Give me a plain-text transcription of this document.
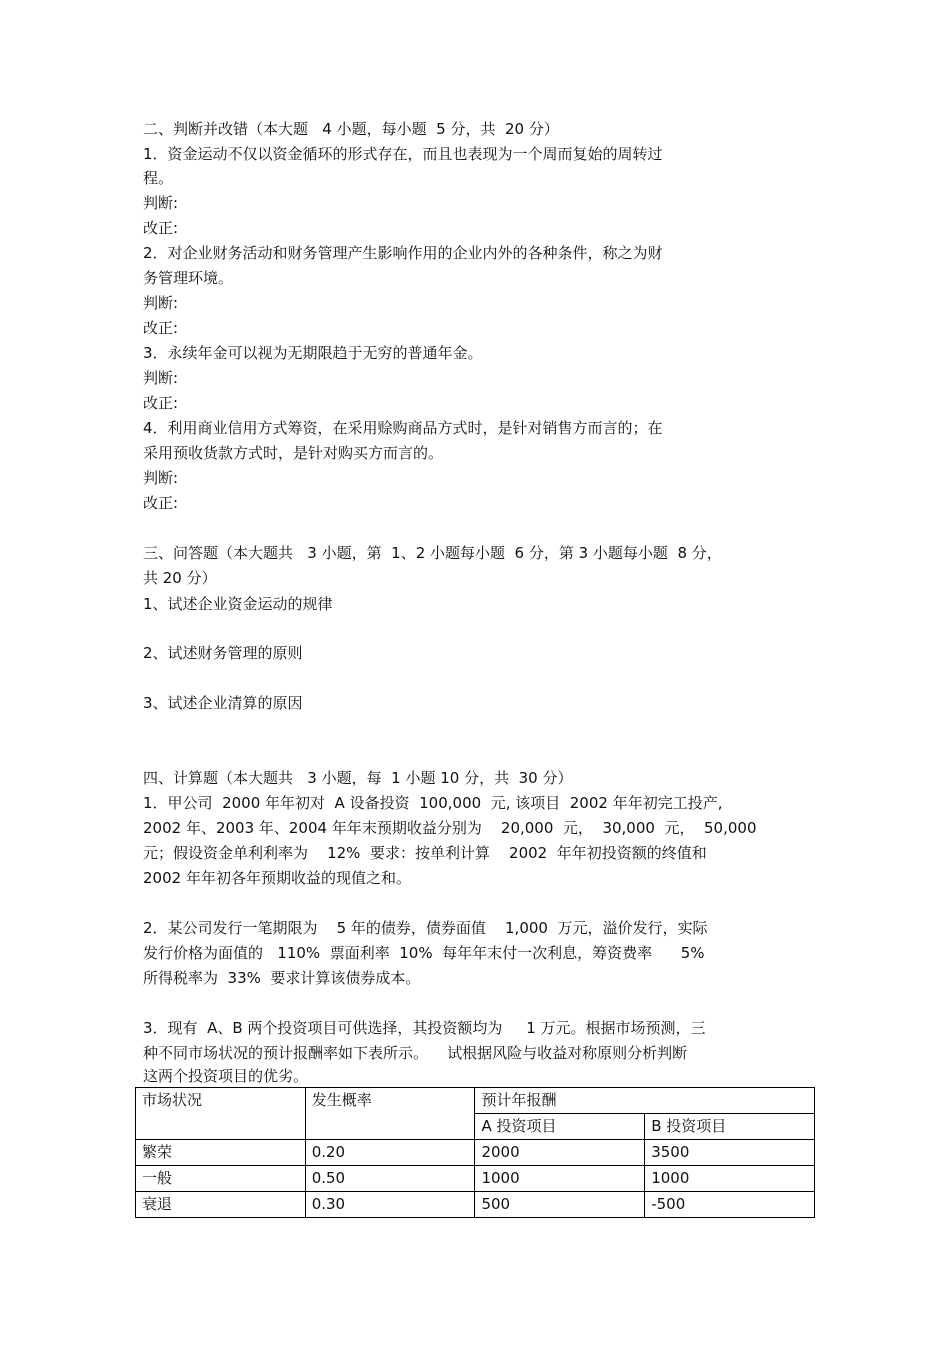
二、判断并改错（本大题   4 小题，每小题  5 分，共  20 分）
1．资金运动不仅以资金循环的形式存在，而且也表现为一个周而复始的周转过
程。
判断:
改正:
2．对企业财务活动和财务管理产生影响作用的企业内外的各种条件，称之为财
务管理环境。
判断:
改正:
3．永续年金可以视为无期限趋于无穷的普通年金。
判断:
改正:
4．利用商业信用方式筹资，在采用赊购商品方式时，是针对销售方而言的；在
采用预收货款方式时，是针对购买方而言的。
判断:
改正:
三、问答题（本大题共   3 小题，第  1、2 小题每小题  6 分，第 3 小题每小题  8 分，
共 20 分）
1、试述企业资金运动的规律
2、试述财务管理的原则
3、试述企业清算的原因
四、计算题（本大题共   3 小题，每  1 小题 10 分，共  30 分）
1．甲公司  2000 年年初对  A 设备投资  100,000  元, 该项目  2002 年年初完工投产,
2002 年、2003 年、2004 年年末预期收益分别为    20,000  元，  30,000  元，  50,000
元；假设资金单利利率为    12%  要求：按单利计算    2002  年年初投资额的终值和
2002 年年初各年预期收益的现值之和。
2．某公司发行一笔期限为    5 年的债券，债券面值    1,000  万元，溢价发行，实际
发行价格为面值的   110%  票面利率  10%  每年年末付一次利息，筹资费率      5%
所得税率为  33%  要求计算该债券成本。
3．现有  A、B 两个投资项目可供选择，其投资额均为     1 万元。根据市场预测，三
种不同市场状况的预计报酬率如下表所示。    试根据风险与收益对称原则分析判断
这两个投资项目的优劣。
市场状况	发生概率	预计年报酬	
		A 投资项目	B 投资项目
繁荣	0.20	2000	3500
一般	0.50	1000	1000
衰退	0.30	500	-500
